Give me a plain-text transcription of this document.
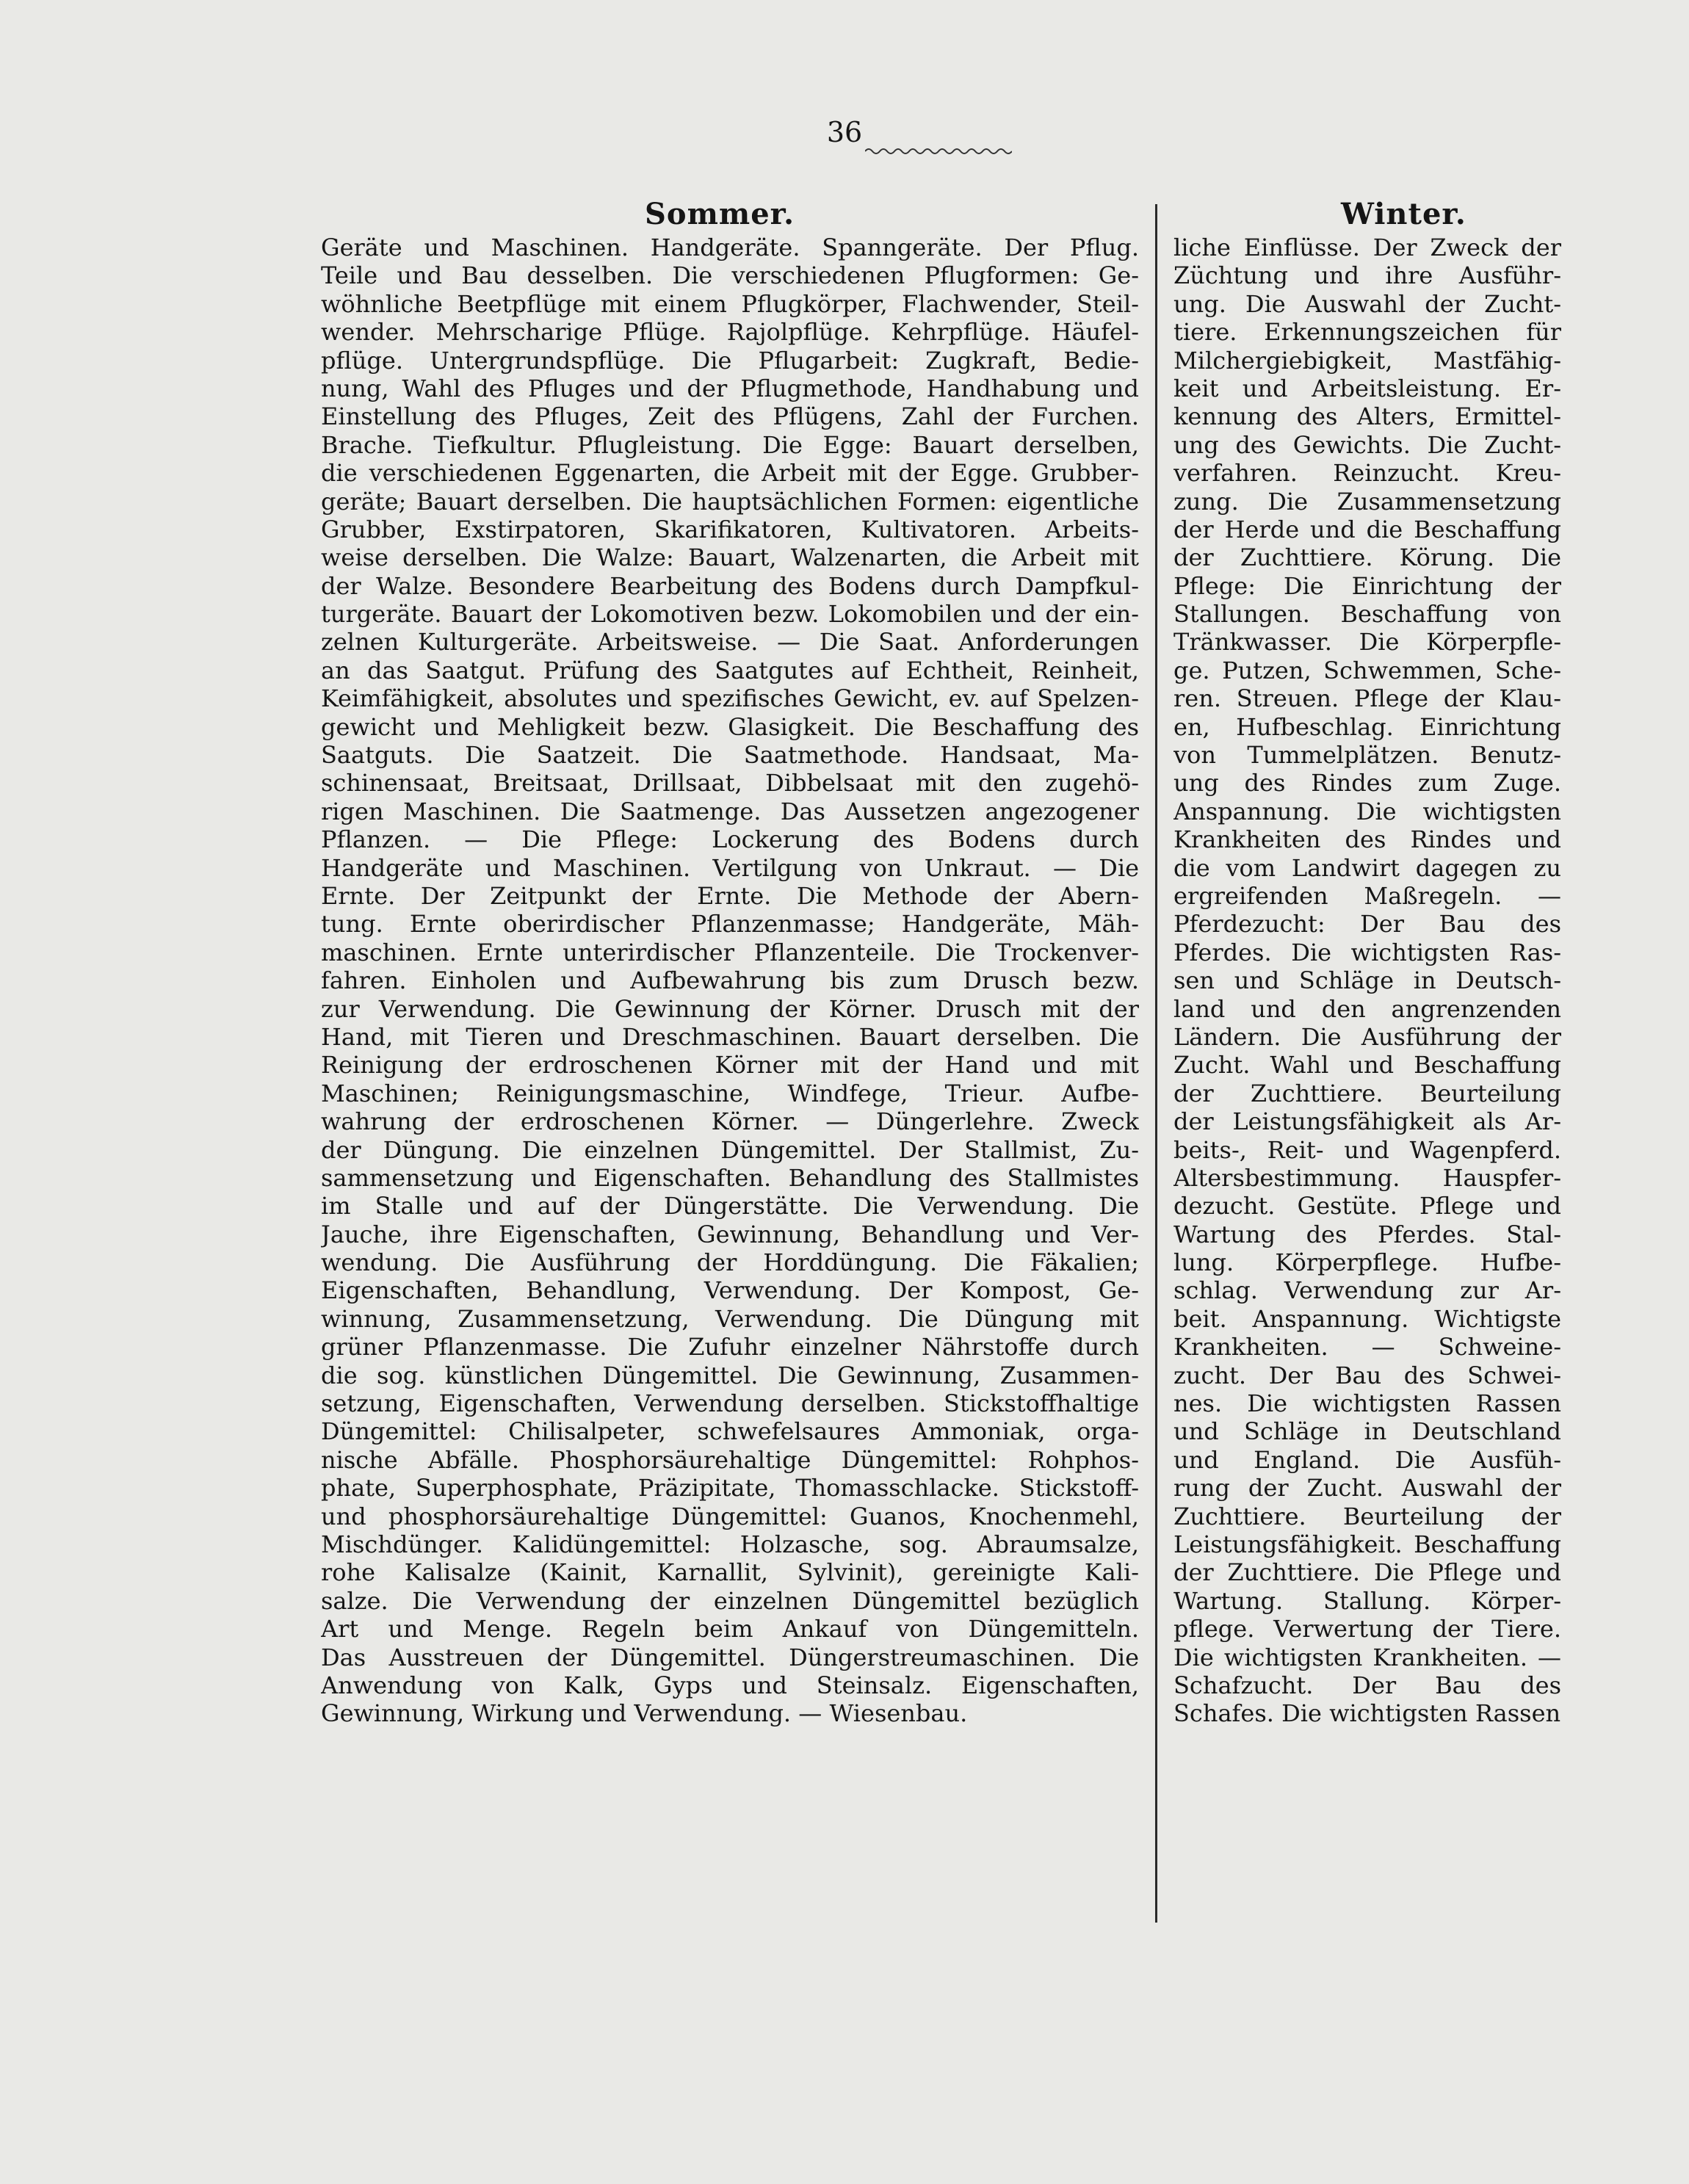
36
Sommer.	Winter.
Geräte und Maschinen. Handgeräte. Spanngeräte. Der Pflug.
Teile und Bau desselben. Die verschiedenen Pflugformen: Ge-
wöhnliche Beetpflüge mit einem Pflugkörper, Flachwender, Steil-
wender. Mehrscharige Pflüge. Rajolpflüge. Kehrpflüge. Häufel-
pflüge. Untergrundspflüge. Die Pflugarbeit: Zugkraft, Bedie-
nung, Wahl des Pfluges und der Pflugmethode, Handhabung und
Einstellung des Pfluges, Zeit des Pflügens, Zahl der Furchen.
Brache. Tiefkultur. Pflugleistung. Die Egge: Bauart derselben,
die verschiedenen Eggenarten, die Arbeit mit der Egge. Grubber-
geräte; Bauart derselben. Die hauptsächlichen Formen: eigentliche
Grubber, Exstirpatoren, Skarifikatoren, Kultivatoren. Arbeits-
weise derselben. Die Walze: Bauart, Walzenarten, die Arbeit mit
der Walze. Besondere Bearbeitung des Bodens durch Dampfkul-
turgeräte. Bauart der Lokomotiven bezw. Lokomobilen und der ein-
zelnen Kulturgeräte. Arbeitsweise. — Die Saat. Anforderungen
an das Saatgut. Prüfung des Saatgutes auf Echtheit, Reinheit,
Keimfähigkeit, absolutes und spezifisches Gewicht, ev. auf Spelzen-
gewicht und Mehligkeit bezw. Glasigkeit. Die Beschaffung des
Saatguts. Die Saatzeit. Die Saatmethode. Handsaat, Ma-
schinensaat, Breitsaat, Drillsaat, Dibbelsaat mit den zugehö-
rigen Maschinen. Die Saatmenge. Das Aussetzen angezogener
Pflanzen. — Die Pflege: Lockerung des Bodens durch
Handgeräte und Maschinen. Vertilgung von Unkraut. — Die
Ernte. Der Zeitpunkt der Ernte. Die Methode der Abern-
tung. Ernte oberirdischer Pflanzenmasse; Handgeräte, Mäh-
maschinen. Ernte unterirdischer Pflanzenteile. Die Trockenver-
fahren. Einholen und Aufbewahrung bis zum Drusch bezw.
zur Verwendung. Die Gewinnung der Körner. Drusch mit der
Hand, mit Tieren und Dreschmaschinen. Bauart derselben. Die
Reinigung der erdroschenen Körner mit der Hand und mit
Maschinen; Reinigungsmaschine, Windfege, Trieur. Aufbe-
wahrung der erdroschenen Körner. — Düngerlehre. Zweck
der Düngung. Die einzelnen Düngemittel. Der Stallmist, Zu-
sammensetzung und Eigenschaften. Behandlung des Stallmistes
im Stalle und auf der Düngerstätte. Die Verwendung. Die
Jauche, ihre Eigenschaften, Gewinnung, Behandlung und Ver-
wendung. Die Ausführung der Horddüngung. Die Fäkalien;
Eigenschaften, Behandlung, Verwendung. Der Kompost, Ge-
winnung, Zusammensetzung, Verwendung. Die Düngung mit
grüner Pflanzenmasse. Die Zufuhr einzelner Nährstoffe durch
die sog. künstlichen Düngemittel. Die Gewinnung, Zusammen-
setzung, Eigenschaften, Verwendung derselben. Stickstoffhaltige
Düngemittel: Chilisalpeter, schwefelsaures Ammoniak, orga-
nische Abfälle. Phosphorsäurehaltige Düngemittel: Rohphos-
phate, Superphosphate, Präzipitate, Thomasschlacke. Stickstoff-
und phosphorsäurehaltige Düngemittel: Guanos, Knochenmehl,
Mischdünger. Kalidüngemittel: Holzasche, sog. Abraumsalze,
rohe Kalisalze (Kainit, Karnallit, Sylvinit), gereinigte Kali-
salze. Die Verwendung der einzelnen Düngemittel bezüglich
Art und Menge. Regeln beim Ankauf von Düngemitteln.
Das Ausstreuen der Düngemittel. Düngerstreumaschinen. Die
Anwendung von Kalk, Gyps und Steinsalz. Eigenschaften,
Gewinnung, Wirkung und Verwendung. — Wiesenbau.
liche Einflüsse. Der Zweck der
Züchtung und ihre Ausführ-
ung. Die Auswahl der Zucht-
tiere. Erkennungszeichen für
Milchergiebigkeit, Mastfähig-
keit und Arbeitsleistung. Er-
kennung des Alters, Ermittel-
ung des Gewichts. Die Zucht-
verfahren. Reinzucht. Kreu-
zung. Die Zusammensetzung
der Herde und die Beschaffung
der Zuchttiere. Körung. Die
Pflege: Die Einrichtung der
Stallungen. Beschaffung von
Tränkwasser. Die Körperpfle-
ge. Putzen, Schwemmen, Sche-
ren. Streuen. Pflege der Klau-
en, Hufbeschlag. Einrichtung
von Tummelplätzen. Benutz-
ung des Rindes zum Zuge.
Anspannung. Die wichtigsten
Krankheiten des Rindes und
die vom Landwirt dagegen zu
ergreifenden Maßregeln. —
Pferdezucht: Der Bau des
Pferdes. Die wichtigsten Ras-
sen und Schläge in Deutsch-
land und den angrenzenden
Ländern. Die Ausführung der
Zucht. Wahl und Beschaffung
der Zuchttiere. Beurteilung
der Leistungsfähigkeit als Ar-
beits-, Reit- und Wagenpferd.
Altersbestimmung. Hauspfer-
dezucht. Gestüte. Pflege und
Wartung des Pferdes. Stal-
lung. Körperpflege. Hufbe-
schlag. Verwendung zur Ar-
beit. Anspannung. Wichtigste
Krankheiten. — Schweine-
zucht. Der Bau des Schwei-
nes. Die wichtigsten Rassen
und Schläge in Deutschland
und England. Die Ausfüh-
rung der Zucht. Auswahl der
Zuchttiere. Beurteilung der
Leistungsfähigkeit. Beschaffung
der Zuchttiere. Die Pflege und
Wartung. Stallung. Körper-
pflege. Verwertung der Tiere.
Die wichtigsten Krankheiten. —
Schafzucht. Der Bau des
Schafes. Die wichtigsten Rassen
